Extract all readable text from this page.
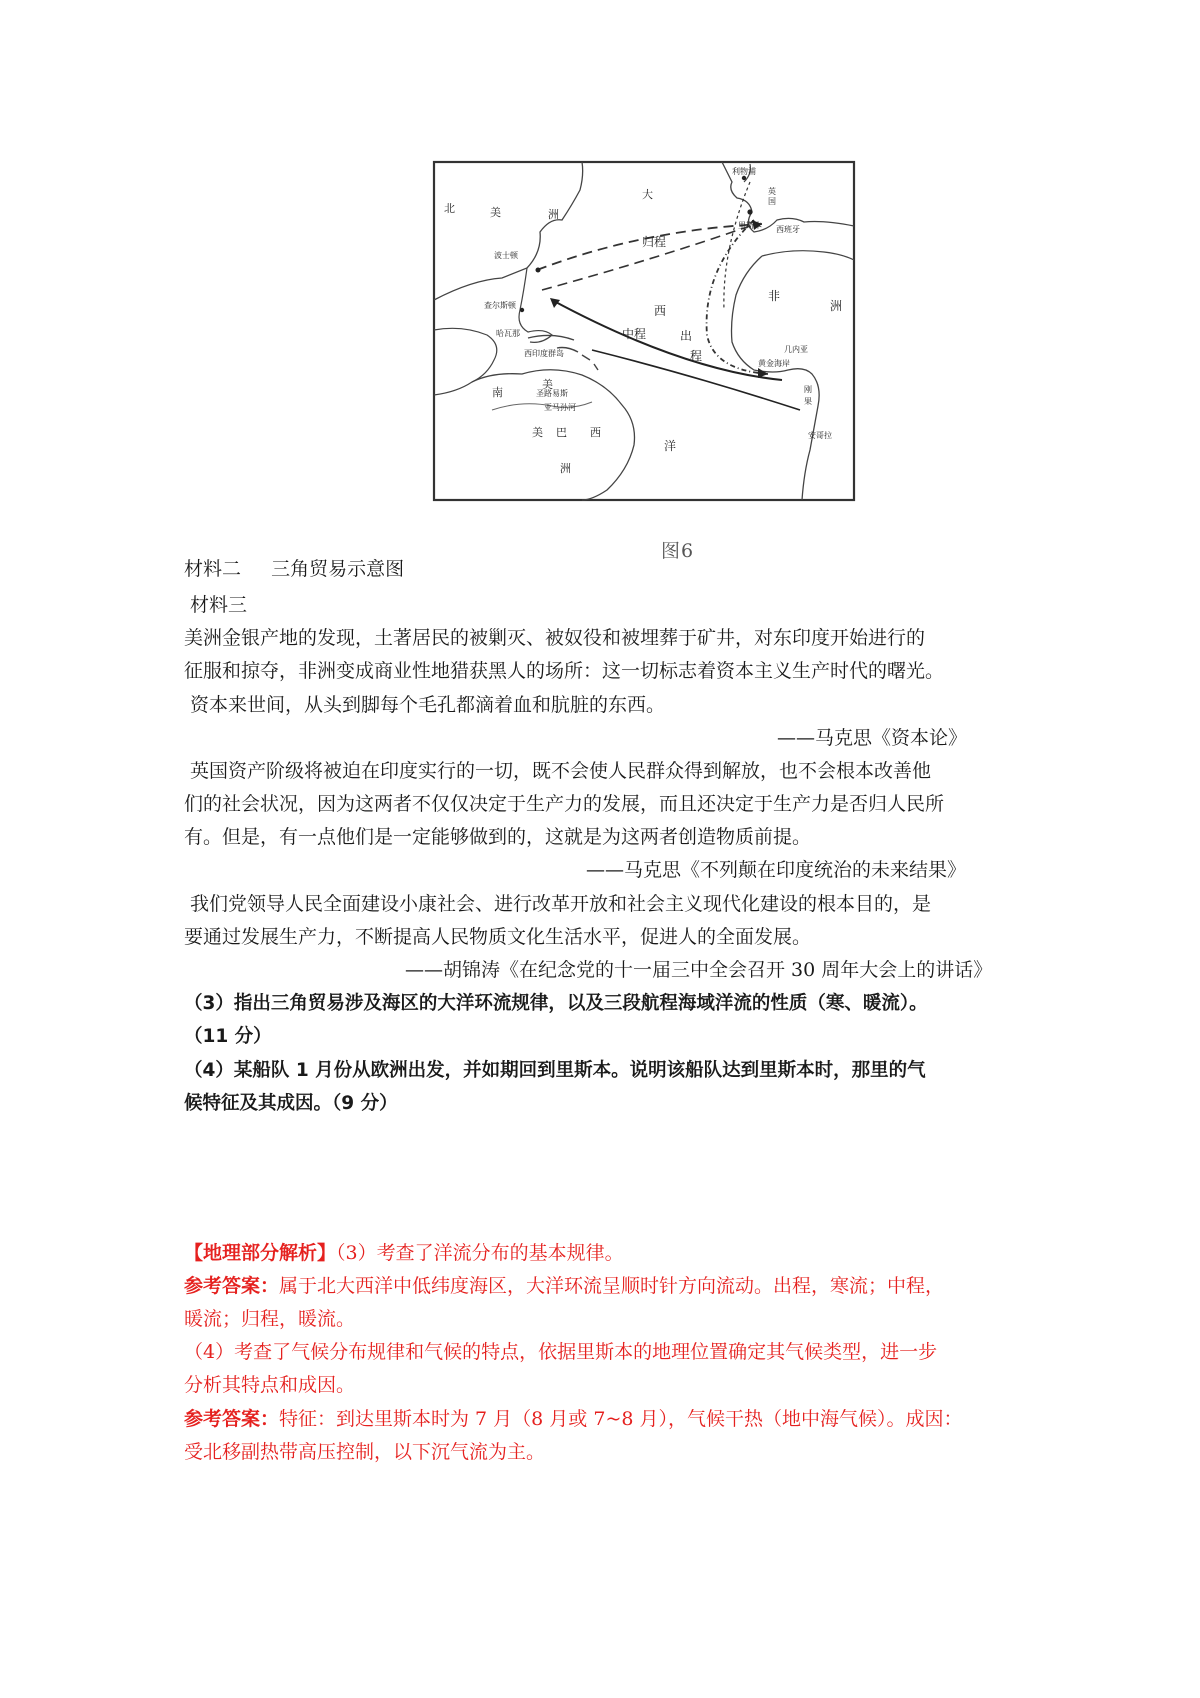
北	美	洲
大
归程
中程	出
程
西
洋
非
洲
南
美
洲
波士顿
查尔斯顿
哈瓦那
西印度群岛
圣路易斯
亚马孙河
美 巴 西
利物浦
英
国
里斯本 西班牙
黄金海岸
几内亚
刚
果
安哥拉
图6
材料二 三角贸易示意图
材料三
美洲金银产地的发现，土著居民的被剿灭、被奴役和被埋葬于矿井，对东印度开始进行的
征服和掠夺，非洲变成商业性地猎获黑人的场所：这一切标志着资本主义生产时代的曙光。
资本来世间，从头到脚每个毛孔都滴着血和肮脏的东西。
——马克思《资本论》
英国资产阶级将被迫在印度实行的一切，既不会使人民群众得到解放，也不会根本改善他
们的社会状况，因为这两者不仅仅决定于生产力的发展，而且还决定于生产力是否归人民所
有。但是，有一点他们是一定能够做到的，这就是为这两者创造物质前提。
——马克思《不列颠在印度统治的未来结果》
我们党领导人民全面建设小康社会、进行改革开放和社会主义现代化建设的根本目的，是
要通过发展生产力，不断提高人民物质文化生活水平，促进人的全面发展。
——胡锦涛《在纪念党的十一届三中全会召开 30 周年大会上的讲话》
（3）指出三角贸易涉及海区的大洋环流规律，以及三段航程海域洋流的性质（寒、暖流）。
（11 分）
（4）某船队 1 月份从欧洲出发，并如期回到里斯本。说明该船队达到里斯本时，那里的气
候特征及其成因。（9 分）
【地理部分解析】（3）考查了洋流分布的基本规律。
参考答案：属于北大西洋中低纬度海区，大洋环流呈顺时针方向流动。出程，寒流；中程，
暖流；归程，暖流。
（4）考查了气候分布规律和气候的特点，依据里斯本的地理位置确定其气候类型，进一步
分析其特点和成因。
参考答案：特征：到达里斯本时为 7 月（8 月或 7~8 月），气候干热（地中海气候）。成因：
受北移副热带高压控制，以下沉气流为主。
